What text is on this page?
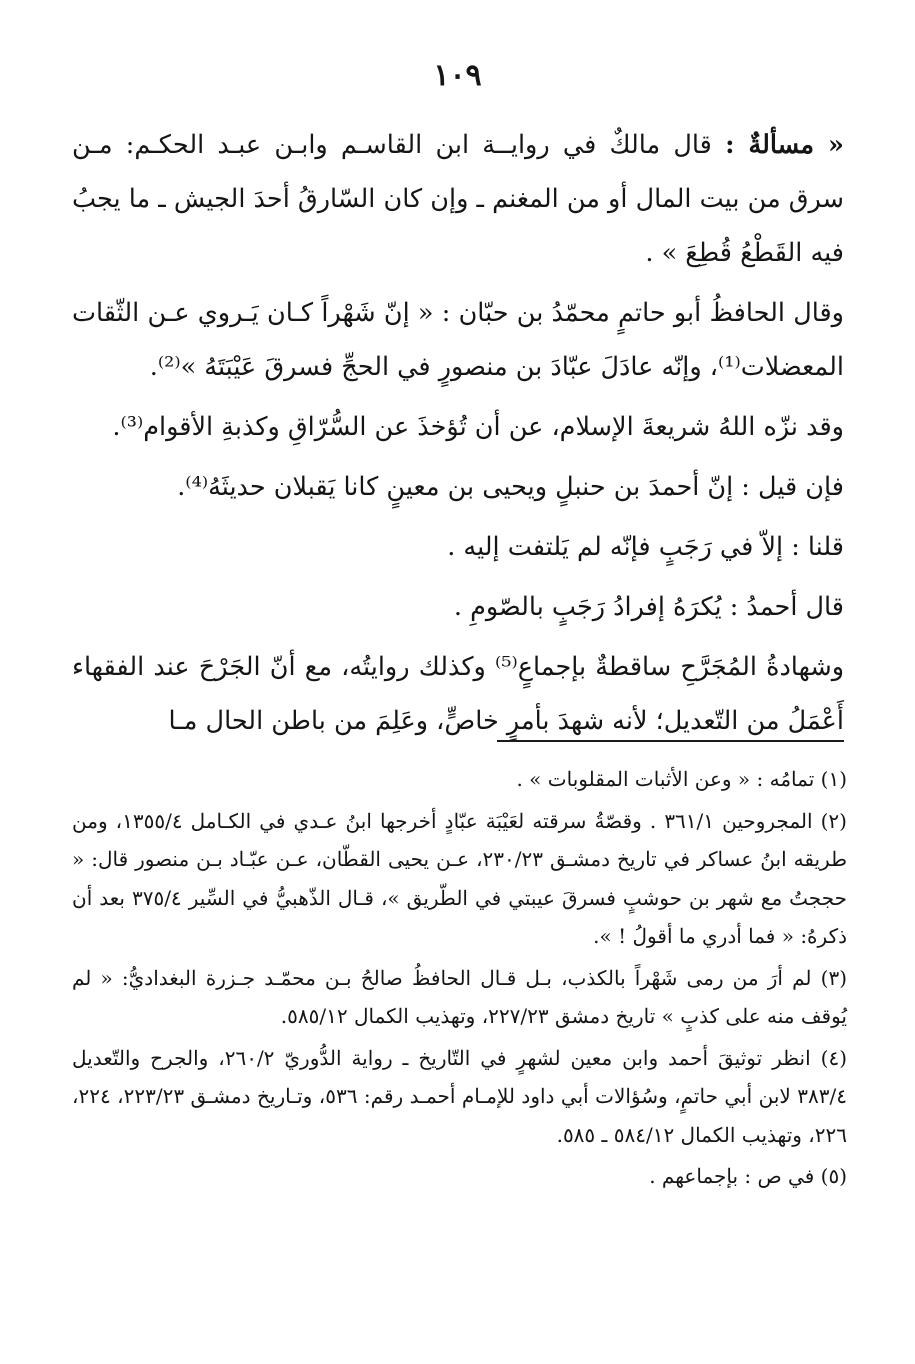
١٠٩

« مسألةٌ : قال مالكٌ في روايــة ابن القاسـم وابـن عبـد الحكـم: مـن سرق من بيت المال أو من المغنم ـ وإن كان السّارقُ أحدَ الجيش ـ ما يجبُ فيه القَطْعُ قُطِعَ » .

وقال الحافظُ أبو حاتمٍ محمّدُ بن حبّان : « إنّ شَهْراً كـان يَـروي عـن الثّقات المعضلات⁽¹⁾، وإنّه عادَلَ عبّادَ بن منصورٍ في الحجِّ فسرقَ عَيْبَتَهُ »⁽²⁾.

وقد نزّه اللهُ شريعةَ الإسلام، عن أن تُؤخذَ عن السُّرّاقِ وكذبةِ الأقوام⁽³⁾.

فإن قيل : إنّ أحمدَ بن حنبلٍ ويحيى بن معينٍ كانا يَقبلان حديثَهُ⁽⁴⁾.

قلنا : إلاّ في رَجَبٍ فإنّه لم يَلتفت إليه .

قال أحمدُ : يُكرَهُ إفرادُ رَجَبٍ بالصّومِ .

وشهادةُ المُجَرَّحِ ساقطةٌ بإجماعٍ⁽⁵⁾ وكذلك روايتُه، مع أنّ الجَرْحَ عند الفقهاء أَعْمَلُ من التّعديل؛ لأنه شهدَ بأمرٍ خاصٍّ، وعَلِمَ من باطن الحال مـا

(١) تمامُه : « وعن الأثبات المقلوبات » .

(٢) المجروحين ٣٦١/١ . وقصّةُ سرقته لعَيْبَة عبّادٍ أخرجها ابنُ عـدي في الكـامل ١٣٥٥/٤، ومن طريقه ابنُ عساكر في تاريخ دمشـق ٢٣٠/٢٣، عـن يحيى القطّان، عـن عبّـاد بـن منصور قال: « حججتُ مع شهر بن حوشبٍ فسرقَ عيبتي في الطّريق »، قـال الذّهبيُّ في السِّير ٣٧٥/٤ بعد أن ذكرهُ: « فما أدري ما أقولُ ! ».

(٣) لم أرَ من رمى شَهْراً بالكذب، بـل قـال الحافظُ صالحُ بـن محمّـد جـزرة البغداديُّ: « لم يُوقف منه على كذبٍ » تاريخ دمشق ٢٢٧/٢٣، وتهذيب الكمال ٥٨٥/١٢.

(٤) انظر توثيقَ أحمد وابن معين لشهرٍ في التّاريخ ـ رواية الدُّوريّ ٢٦٠/٢، والجرح والتّعديل ٣٨٣/٤ لابن أبي حاتمٍ، وسُؤالات أبي داود للإمـام أحمـد رقم: ٥٣٦، وتـاريخ دمشـق ٢٢٣/٢٣، ٢٢٤، ٢٢٦، وتهذيب الكمال ٥٨٤/١٢ ـ ٥٨٥.

(٥) في ص : بإجماعهم .
